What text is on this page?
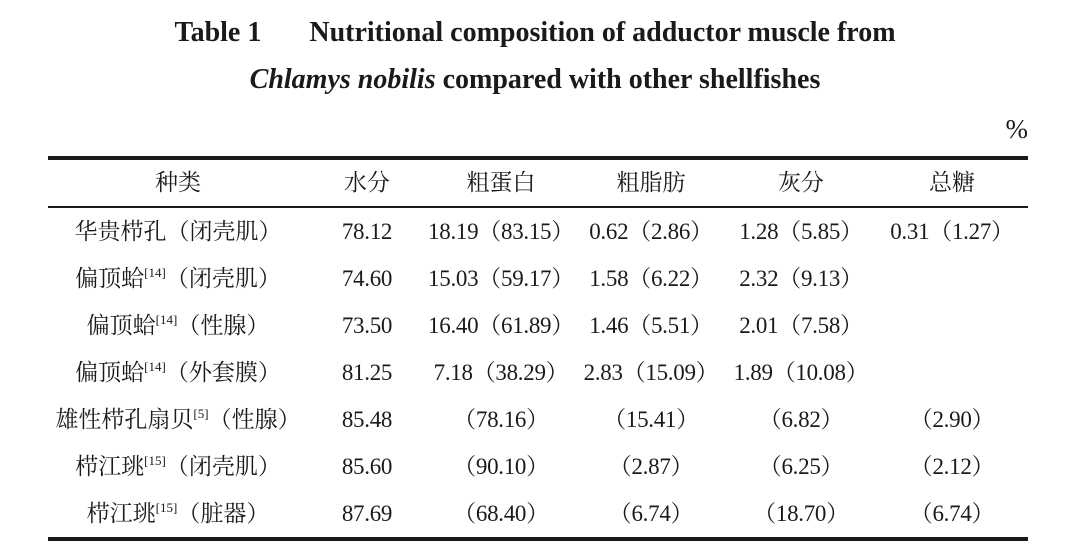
Table 1 Nutritional composition of adductor muscle from
Chlamys nobilis compared with other shellfishes
%
种类	水分	粗蛋白	粗脂肪	灰分	总糖
华贵栉孔（闭壳肌）	78.12	18.19（83.15） 0.62（2.86）	1.28（5.85）	0.31（1.27）
偏顶蛤[14]（闭壳肌）	74.60	15.03（59.17） 1.58（6.22）	2.32（9.13）
偏顶蛤[14]（性腺）	73.50	16.40（61.89） 1.46（5.51）	2.01（7.58）
偏顶蛤[14]（外套膜）	81.25	7.18（38.29） 2.83（15.09） 1.89（10.08）
雄性栉孔扇贝[5]（性腺）	85.48	（78.16）	（15.41）	（6.82）	（2.90）
栉江珧[15]（闭壳肌）	85.60	（90.10）	（2.87）	（6.25）	（2.12）
栉江珧[15]（脏器）	87.69	（68.40）	（6.74）	（18.70）	（6.74）
